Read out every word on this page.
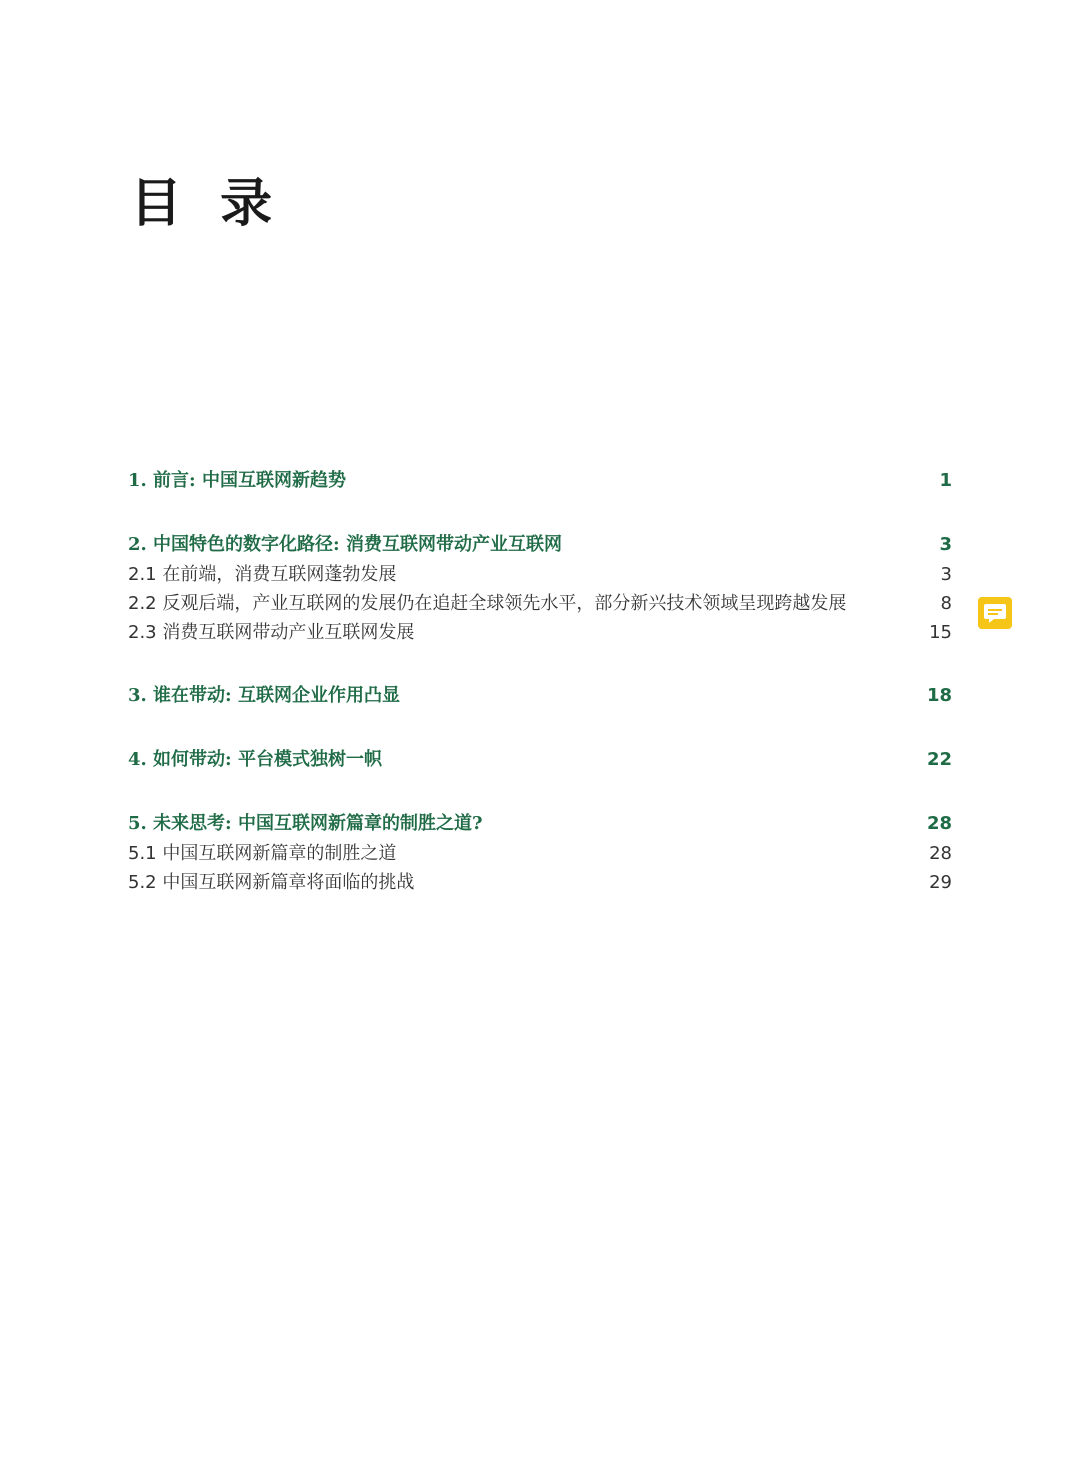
目 录
1. 前言: 中国互联网新趋势	1
2. 中国特色的数字化路径: 消费互联网带动产业互联网	3
2.1 在前端，消费互联网蓬勃发展	3
2.2 反观后端，产业互联网的发展仍在追赶全球领先水平，部分新兴技术领域呈现跨越发展	8
2.3 消费互联网带动产业互联网发展	15
3. 谁在带动: 互联网企业作用凸显	18
4. 如何带动: 平台模式独树一帜	22
5. 未来思考: 中国互联网新篇章的制胜之道?	28
5.1 中国互联网新篇章的制胜之道	28
5.2 中国互联网新篇章将面临的挑战	29
